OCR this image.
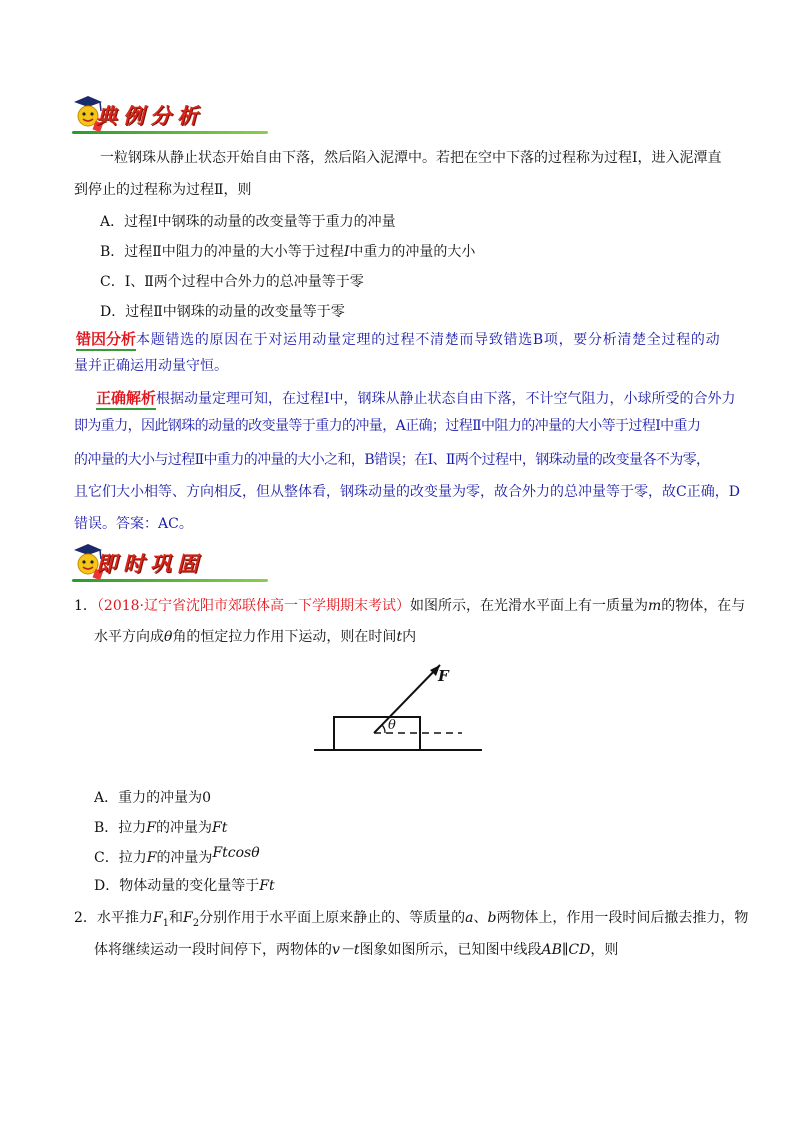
典例分析
一粒钢珠从静止状态开始自由下落，然后陷入泥潭中。若把在空中下落的过程称为过程Ⅰ，进入泥潭直
到停止的过程称为过程Ⅱ，则
A．过程Ⅰ中钢珠的动量的改变量等于重力的冲量
B．过程Ⅱ中阻力的冲量的大小等于过程I中重力的冲量的大小
C．Ⅰ、Ⅱ两个过程中合外力的总冲量等于零
D．过程Ⅱ中钢珠的动量的改变量等于零
错因分析本题错选的原因在于对运用动量定理的过程不清楚而导致错选B项，要分析清楚全过程的动
量并正确运用动量守恒。
正确解析根据动量定理可知，在过程Ⅰ中，钢珠从静止状态自由下落，不计空气阻力，小球所受的合外力
即为重力，因此钢珠的动量的改变量等于重力的冲量，A正确；过程Ⅱ中阻力的冲量的大小等于过程Ⅰ中重力
的冲量的大小与过程Ⅱ中重力的冲量的大小之和，B错误；在Ⅰ、Ⅱ两个过程中，钢珠动量的改变量各不为零，
且它们大小相等、方向相反，但从整体看，钢珠动量的改变量为零，故合外力的总冲量等于零，故C正确，D
错误。答案：AC。
即时巩固
1．（2018·辽宁省沈阳市郊联体高一下学期期末考试）如图所示，在光滑水平面上有一质量为m的物体，在与
水平方向成θ角的恒定拉力作用下运动，则在时间t内
F
θ
A．重力的冲量为0
B．拉力F的冲量为Ft
C．拉力F的冲量为Ftcosθ
D．物体动量的变化量等于Ft
2．水平推力$F_1$和$F_2$分别作用于水平面上原来静止的、等质量的a、b两物体上，作用一段时间后撤去推力，物
体将继续运动一段时间停下，两物体的v－t图象如图所示，已知图中线段AB∥CD，则
